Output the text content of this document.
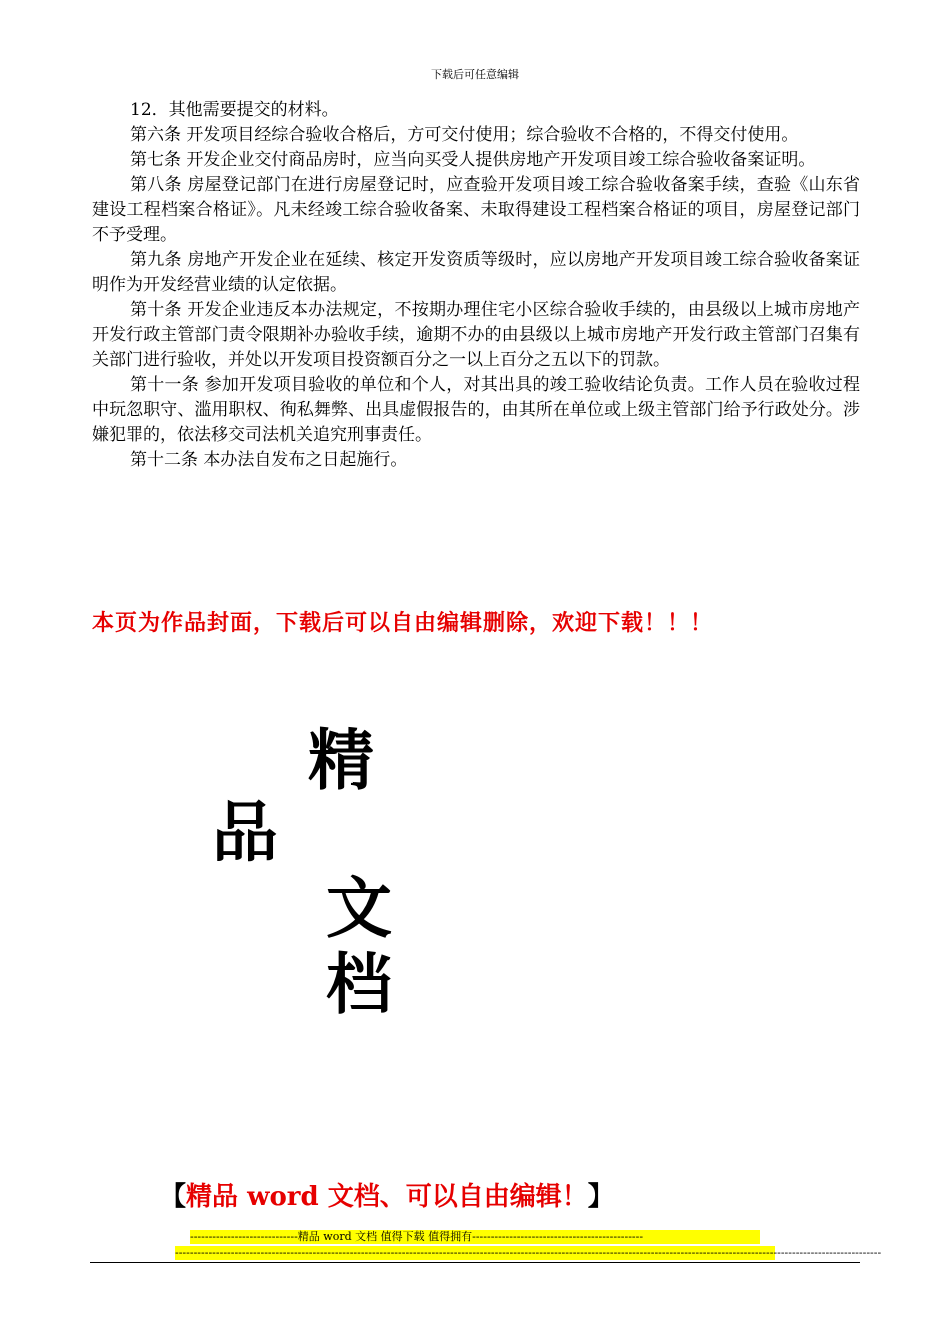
下载后可任意编辑

12．其他需要提交的材料。

第六条 开发项目经综合验收合格后，方可交付使用；综合验收不合格的，不得交付使用。

第七条 开发企业交付商品房时，应当向买受人提供房地产开发项目竣工综合验收备案证明。

第八条 房屋登记部门在进行房屋登记时，应查验开发项目竣工综合验收备案手续，查验《山东省建设工程档案合格证》。凡未经竣工综合验收备案、未取得建设工程档案合格证的项目，房屋登记部门不予受理。

第九条 房地产开发企业在延续、核定开发资质等级时，应以房地产开发项目竣工综合验收备案证明作为开发经营业绩的认定依据。

第十条 开发企业违反本办法规定，不按期办理住宅小区综合验收手续的，由县级以上城市房地产开发行政主管部门责令限期补办验收手续，逾期不办的由县级以上城市房地产开发行政主管部门召集有关部门进行验收，并处以开发项目投资额百分之一以上百分之五以下的罚款。

第十一条 参加开发项目验收的单位和个人，对其出具的竣工验收结论负责。工作人员在验收过程中玩忽职守、滥用职权、徇私舞弊、出具虚假报告的，由其所在单位或上级主管部门给予行政处分。涉嫌犯罪的，依法移交司法机关追究刑事责任。

第十二条 本办法自发布之日起施行。

本页为作品封面，下载后可以自由编辑删除，欢迎下载！！！
精
品
文
档
【精品 word 文档、可以自由编辑！】
-----------------------------精品 word 文档 值得下载 值得拥有----------------------------------------------
----------------------------------------------------------------------------------------------------------------------------------------------------------------------------------------------
